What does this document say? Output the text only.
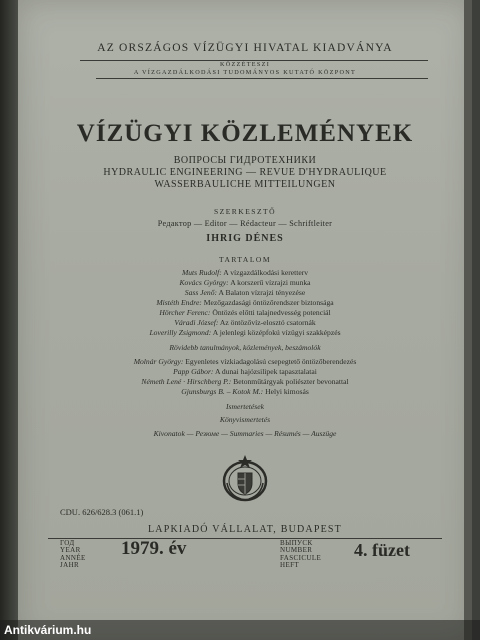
AZ ORSZÁGOS VÍZÜGYI HIVATAL KIADVÁNYA
KÖZZÉTESZI
A VÍZGAZDÁLKODÁSI TUDOMÁNYOS KUTATÓ KÖZPONT
VÍZÜGYI KÖZLEMÉNYEK
ВОПРОСЫ ГИДРОТЕХНИКИ
HYDRAULIC ENGINEERING — REVUE D'HYDRAULIQUE
WASSERBAULICHE MITTEILUNGEN
SZERKESZTŐ
Редактор — Editor — Rédacteur — Schriftleiter
IHRIG DÉNES
TARTALOM
Muts Rudolf: A vízgazdálkodási keretterv
Kovács György: A korszerű vízrajzi munka
Sass Jenő: A Balaton vízrajzi tényezése
Mistéth Endre: Mezőgazdasági öntözőrendszer biztonsága
Hörcher Ferenc: Öntözés előtti talajnedvesség potenciál
Váradi József: Az öntözővíz-elosztó csatornák
Loverilly Zsigmond: A jelenlegi középfokú vízügyi szakképzés
Rövidebb tanulmányok, közlemények, beszámolók
Molnár György: Egyenletes vízkiadagolású csepegtető öntözőberendezés
Papp Gábor: A dunai hajózsilipek tapasztalatai
Németh Lené · Hirschberg P.: Betonműtárgyak poliészter bevonattal
Gjunsburgs B. – Kotok M.: Helyi kimosás
Ismertetések
Könyvismertetés
Kivonatok — Резюме — Summaries — Résumés — Auszüge
CDU. 626/628.3 (061.1)
LAPKIADÓ VÁLLALAT, BUDAPEST
ГОД
YEAR
ANNÉE
JAHR
1979. év	ВЫПУСК
NUMBER
FASCICULE
HEFT
4. füzet
Antikvárium.hu
